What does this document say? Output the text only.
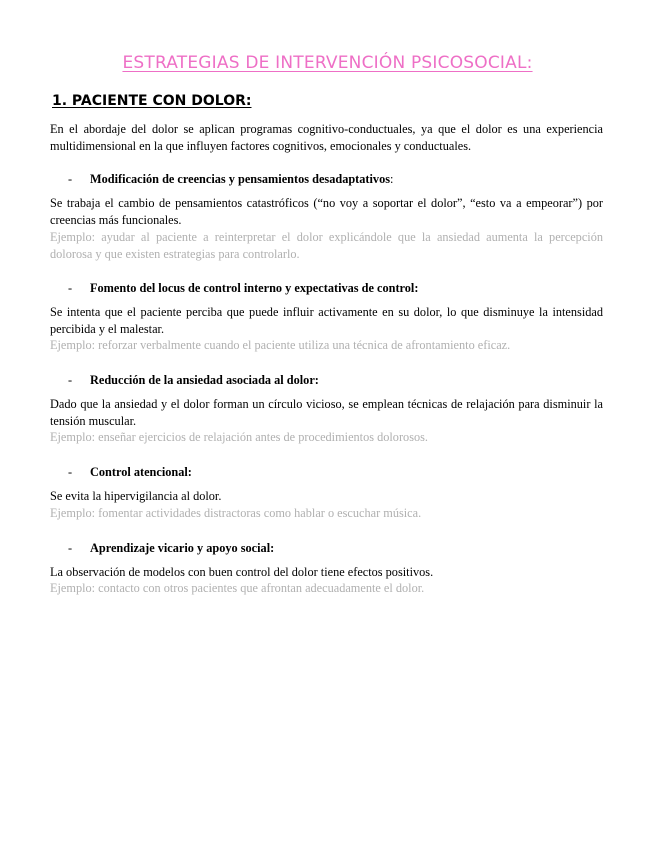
ESTRATEGIAS DE INTERVENCIÓN PSICOSOCIAL:
1. PACIENTE CON DOLOR:
En el abordaje del dolor se aplican programas cognitivo-conductuales, ya que el dolor es una experiencia multidimensional en la que influyen factores cognitivos, emocionales y conductuales.
- Modificación de creencias y pensamientos desadaptativos:
Se trabaja el cambio de pensamientos catastróficos (“no voy a soportar el dolor”, “esto va a empeorar”) por creencias más funcionales.
Ejemplo: ayudar al paciente a reinterpretar el dolor explicándole que la ansiedad aumenta la percepción dolorosa y que existen estrategias para controlarlo.
- Fomento del locus de control interno y expectativas de control:
Se intenta que el paciente perciba que puede influir activamente en su dolor, lo que disminuye la intensidad percibida y el malestar.
Ejemplo: reforzar verbalmente cuando el paciente utiliza una técnica de afrontamiento eficaz.
- Reducción de la ansiedad asociada al dolor:
Dado que la ansiedad y el dolor forman un círculo vicioso, se emplean técnicas de relajación para disminuir la tensión muscular.
Ejemplo: enseñar ejercicios de relajación antes de procedimientos dolorosos.
- Control atencional:
Se evita la hipervigilancia al dolor.
Ejemplo: fomentar actividades distractoras como hablar o escuchar música.
- Aprendizaje vicario y apoyo social:
La observación de modelos con buen control del dolor tiene efectos positivos.
Ejemplo: contacto con otros pacientes que afrontan adecuadamente el dolor.
